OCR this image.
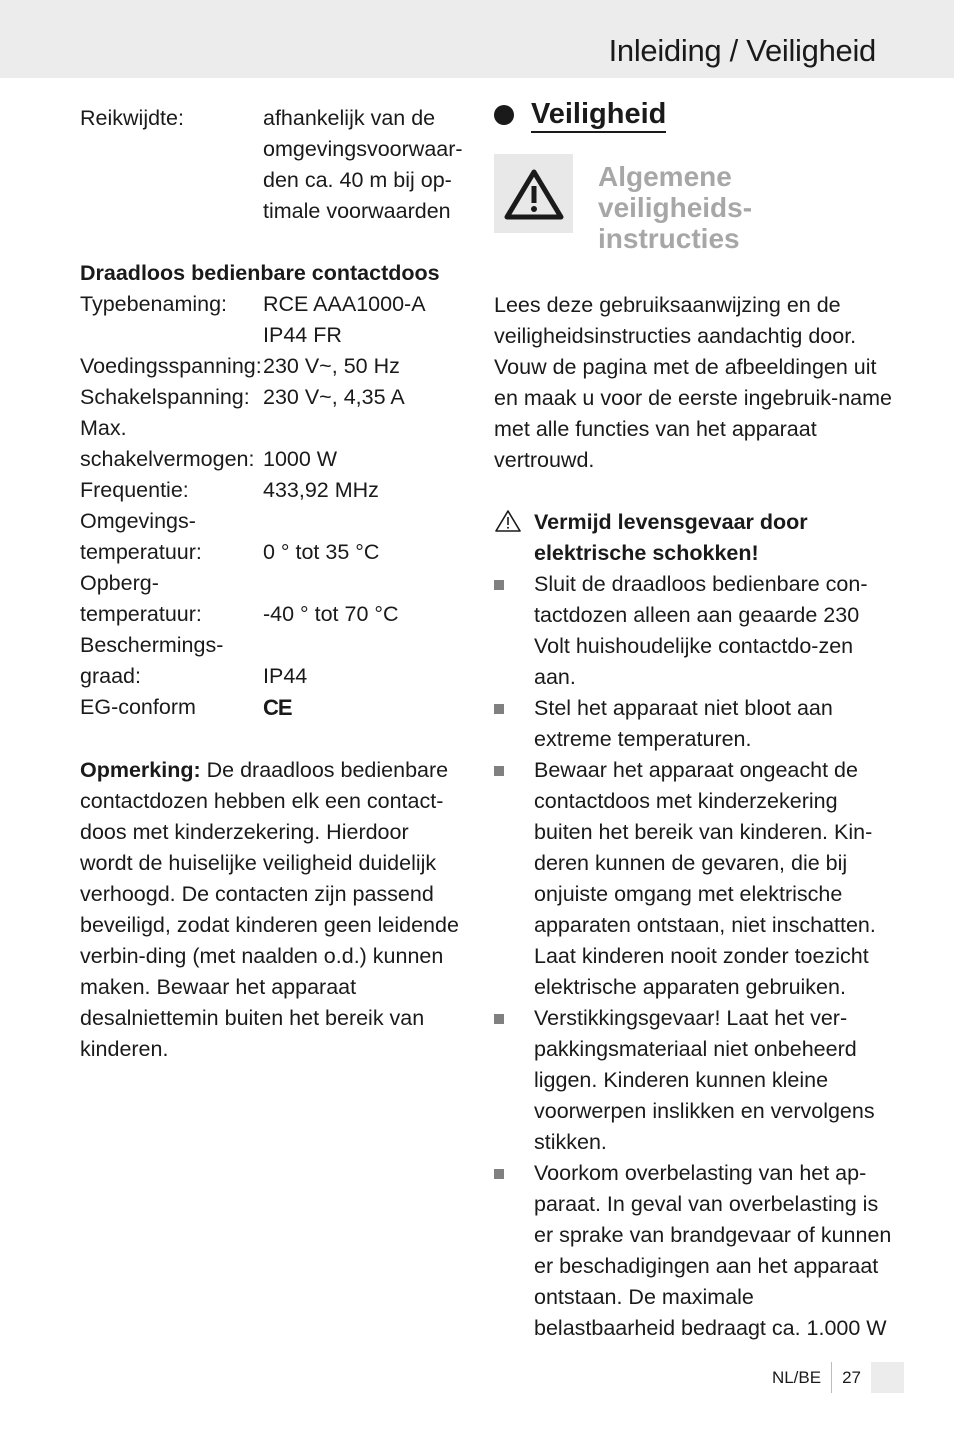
Inleiding / Veiligheid
Reikwijdte:	afhankelijk van de omgevingsvoorwaar-den ca. 40 m bij op-timale voorwaarden
Draadloos bedienbare contactdoos
Typebenaming:	RCE AAA1000-A IP44 FR
Voedingsspanning: 230 V~, 50 Hz
Schakelspanning: 230 V~, 4,35 A
Max.
schakelvermogen: 1000 W
Frequentie:	433,92 MHz
Omgevings-
temperatuur:	0 ° tot 35 °C
Opberg-
temperatuur:	-40 ° tot 70 °C
Beschermings-
graad:	IP44
EG-conform	CE
Opmerking: De draadloos bedienbare contactdozen hebben elk een contact-doos met kinderzekering. Hierdoor wordt de huiselijke veiligheid duidelijk verhoogd. De contacten zijn passend beveiligd, zodat kinderen geen leidende verbin-ding (met naalden o.d.) kunnen maken. Bewaar het apparaat desalniettemin buiten het bereik van kinderen.
Veiligheid
Algemene veiligheids-instructies
Lees deze gebruiksaanwijzing en de veiligheidsinstructies aandachtig door. Vouw de pagina met de afbeeldingen uit en maak u voor de eerste ingebruik-name met alle functies van het apparaat vertrouwd.
Vermijd levensgevaar door elektrische schokken!
Sluit de draadloos bedienbare con-tactdozen alleen aan geaarde 230 Volt huishoudelijke contactdo-zen aan.
Stel het apparaat niet bloot aan extreme temperaturen.
Bewaar het apparaat ongeacht de contactdoos met kinderzekering buiten het bereik van kinderen. Kin-deren kunnen de gevaren, die bij onjuiste omgang met elektrische apparaten ontstaan, niet inschatten. Laat kinderen nooit zonder toezicht elektrische apparaten gebruiken.
Verstikkingsgevaar! Laat het ver-pakkingsmateriaal niet onbeheerd liggen. Kinderen kunnen kleine voorwerpen inslikken en vervolgens stikken.
Voorkom overbelasting van het ap-paraat. In geval van overbelasting is er sprake van brandgevaar of kunnen er beschadigingen aan het apparaat ontstaan. De maximale belastbaarheid bedraagt ca. 1.000 W
NL/BE	27
